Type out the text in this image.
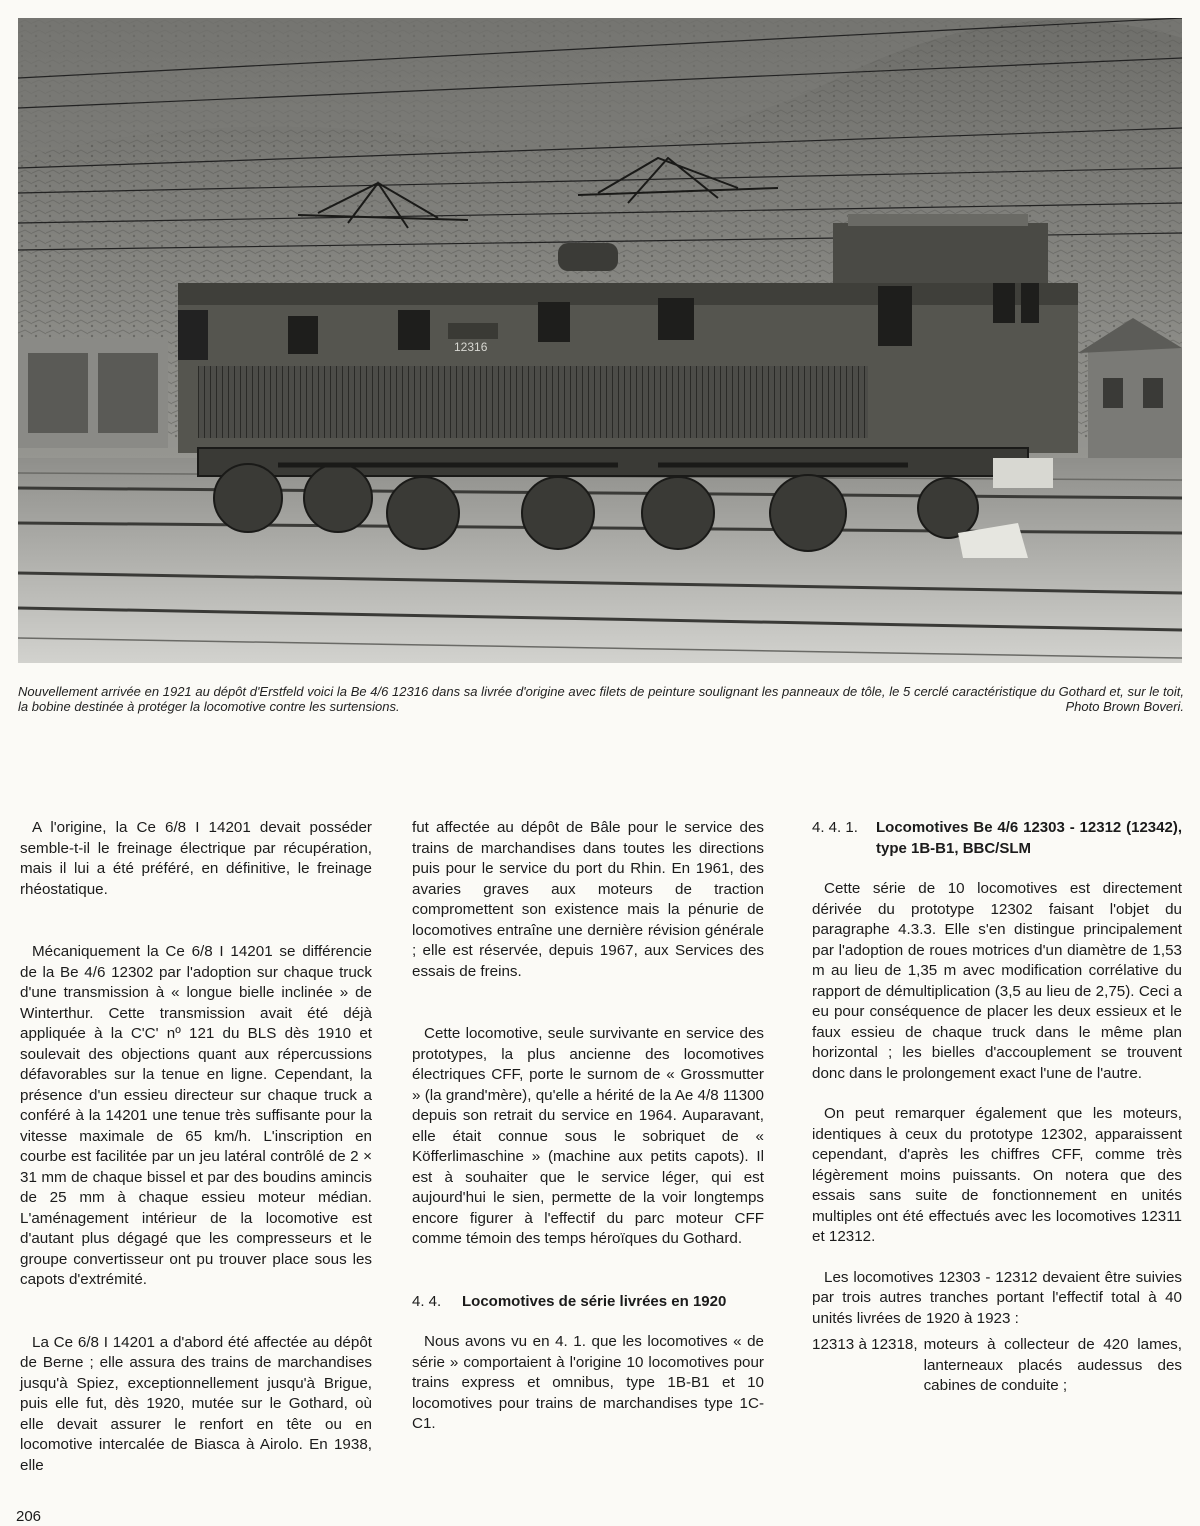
12316
Nouvellement arrivée en 1921 au dépôt d'Erstfeld voici la Be 4/6 12316 dans sa livrée d'origine avec filets de peinture soulignant les panneaux de tôle, le 5 cerclé caractéristique du Gothard et, sur le toit, la bobine destinée à protéger la locomotive contre les surtensions.	Photo Brown Boveri.

A l'origine, la Ce 6/8 I 14201 devait posséder semble-t-il le freinage électrique par récupération, mais il lui a été préféré, en définitive, le freinage rhéostatique.

Mécaniquement la Ce 6/8 I 14201 se différencie de la Be 4/6 12302 par l'adoption sur chaque truck d'une transmission à « longue bielle inclinée » de Winterthur. Cette transmission avait été déjà appliquée à la C'C' nº 121 du BLS dès 1910 et soulevait des objections quant aux répercussions défavorables sur la tenue en ligne. Cependant, la présence d'un essieu directeur sur chaque truck a conféré à la 14201 une tenue très suffisante pour la vitesse maximale de 65 km/h. L'inscription en courbe est facilitée par un jeu latéral contrôlé de 2 × 31 mm de chaque bissel et par des boudins amincis de 25 mm à chaque essieu moteur médian. L'aménagement intérieur de la locomotive est d'autant plus dégagé que les compresseurs et le groupe convertisseur ont pu trouver place sous les capots d'extrémité.

La Ce 6/8 I 14201 a d'abord été affectée au dépôt de Berne ; elle assura des trains de marchandises jusqu'à Spiez, exceptionnellement jusqu'à Brigue, puis elle fut, dès 1920, mutée sur le Gothard, où elle devait assurer le renfort en tête ou en locomotive intercalée de Biasca à Airolo. En 1938, elle

fut affectée au dépôt de Bâle pour le service des trains de marchandises dans toutes les directions puis pour le service du port du Rhin. En 1961, des avaries graves aux moteurs de traction compromettent son existence mais la pénurie de locomotives entraîne une dernière révision générale ; elle est réservée, depuis 1967, aux Services des essais de freins.

Cette locomotive, seule survivante en service des prototypes, la plus ancienne des locomotives électriques CFF, porte le surnom de « Grossmutter » (la grand'mère), qu'elle a hérité de la Ae 4/8 11300 depuis son retrait du service en 1964. Auparavant, elle était connue sous le sobriquet de « Köfferlimaschine » (machine aux petits capots). Il est à souhaiter que le service léger, qui est aujourd'hui le sien, permette de la voir longtemps encore figurer à l'effectif du parc moteur CFF comme témoin des temps héroïques du Gothard.

4. 4.	Locomotives de série livrées en 1920

Nous avons vu en 4. 1. que les locomotives « de série » comportaient à l'origine 10 locomotives pour trains express et omnibus, type 1B-B1 et 10 locomotives pour trains de marchandises type 1C-C1.

4. 4. 1.	Locomotives Be 4/6 12303 - 12312 (12342), type 1B-B1, BBC/SLM

Cette série de 10 locomotives est directement dérivée du prototype 12302 faisant l'objet du paragraphe 4.3.3. Elle s'en distingue principalement par l'adoption de roues motrices d'un diamètre de 1,53 m au lieu de 1,35 m avec modification corrélative du rapport de démultiplication (3,5 au lieu de 2,75). Ceci a eu pour conséquence de placer les deux essieux et le faux essieu de chaque truck dans le même plan horizontal ; les bielles d'accouplement se trouvent donc dans le prolongement exact l'une de l'autre.

On peut remarquer également que les moteurs, identiques à ceux du prototype 12302, apparaissent cependant, d'après les chiffres CFF, comme très légèrement moins puissants. On notera que des essais sans suite de fonctionnement en unités multiples ont été effectués avec les locomotives 12311 et 12312.

Les locomotives 12303 - 12312 devaient être suivies par trois autres tranches portant l'effectif total à 40 unités livrées de 1920 à 1923 :

12313 à 12318, moteurs à collecteur de 420 lames, lanterneaux placés audessus des cabines de conduite ;
206
